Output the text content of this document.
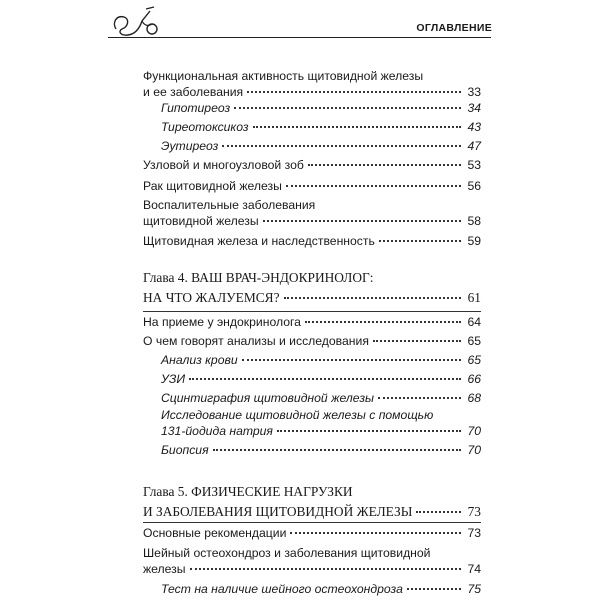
ОГЛАВЛЕНИЕ
Функциональная активность щитовидной железы
и ее заболевания	33
Гипотиреоз	34
Тиреотоксикоз	43
Эутиреоз	47
Узловой и многоузловой зоб	53
Рак щитовидной железы	56
Воспалительные заболевания
щитовидной железы	58
Щитовидная железа и наследственность	59
Глава 4. ВАШ ВРАЧ-ЭНДОКРИНОЛОГ:
НА ЧТО ЖАЛУЕМСЯ?	61
На приеме у эндокринолога	64
О чем говорят анализы и исследования	65
Анализ крови	65
УЗИ	66
Сцинтиграфия щитовидной железы	68
Исследование щитовидной железы с помощью
131-йодида натрия	70
Биопсия	70
Глава 5. ФИЗИЧЕСКИЕ НАГРУЗКИ
И ЗАБОЛЕВАНИЯ ЩИТОВИДНОЙ ЖЕЛЕЗЫ	73
Основные рекомендации	73
Шейный остеохондроз и заболевания щитовидной
железы	74
Тест на наличие шейного остеохондроза	75
